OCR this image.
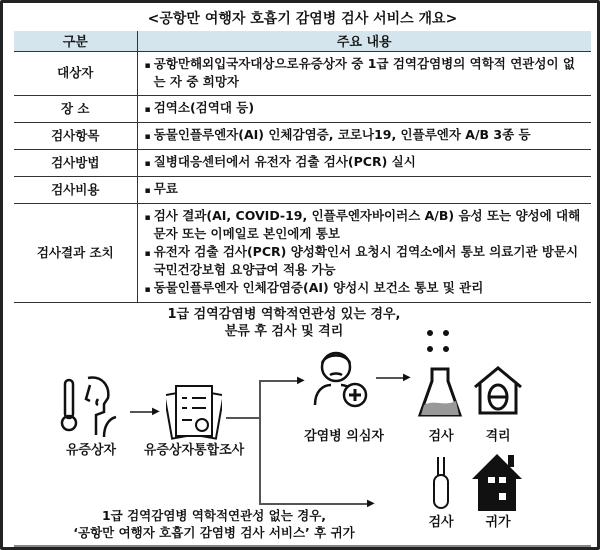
<공항만 여행자 호흡기 감염병 검사 서비스 개요>
구분	주요 내용
대상자	▪ 공항만해외입국자대상으로유증상자 중 1급 검역감염병의 역학적 연관성이 없는 자 중 희망자

장 소	▪ 검역소(검역대 등)

검사항목	▪ 동물인플루엔자(AI) 인체감염증, 코로나19, 인플루엔자 A/B 3종 등

검사방법	▪ 질병대응센터에서 유전자 검출 검사(PCR) 실시

검사비용	▪ 무료

검사결과 조치	▪ 검사 결과(AI, COVID-19, 인플루엔자바이러스 A/B) 음성 또는 양성에 대해 문자 또는 이메일로 본인에게 통보
▪ 유전자 검출 검사(PCR) 양성확인서 요청시 검역소에서 통보 의료기관 방문시 국민건강보험 요양급여 적용 가능
▪ 동물인플루엔자 인체감염증(AI) 양성시 보건소 통보 및 관리
1급 검역감염병 역학적연관성 있는 경우,
분류 후 검사 및 격리
유증상자
▶
유증상자통합조사
▶
▶
감염병 의심자
▶
검사	격리
검사	귀가
1급 검역감염병 역학적연관성 없는 경우,
‘공항만 여행자 호흡기 감염병 검사 서비스’ 후 귀가
